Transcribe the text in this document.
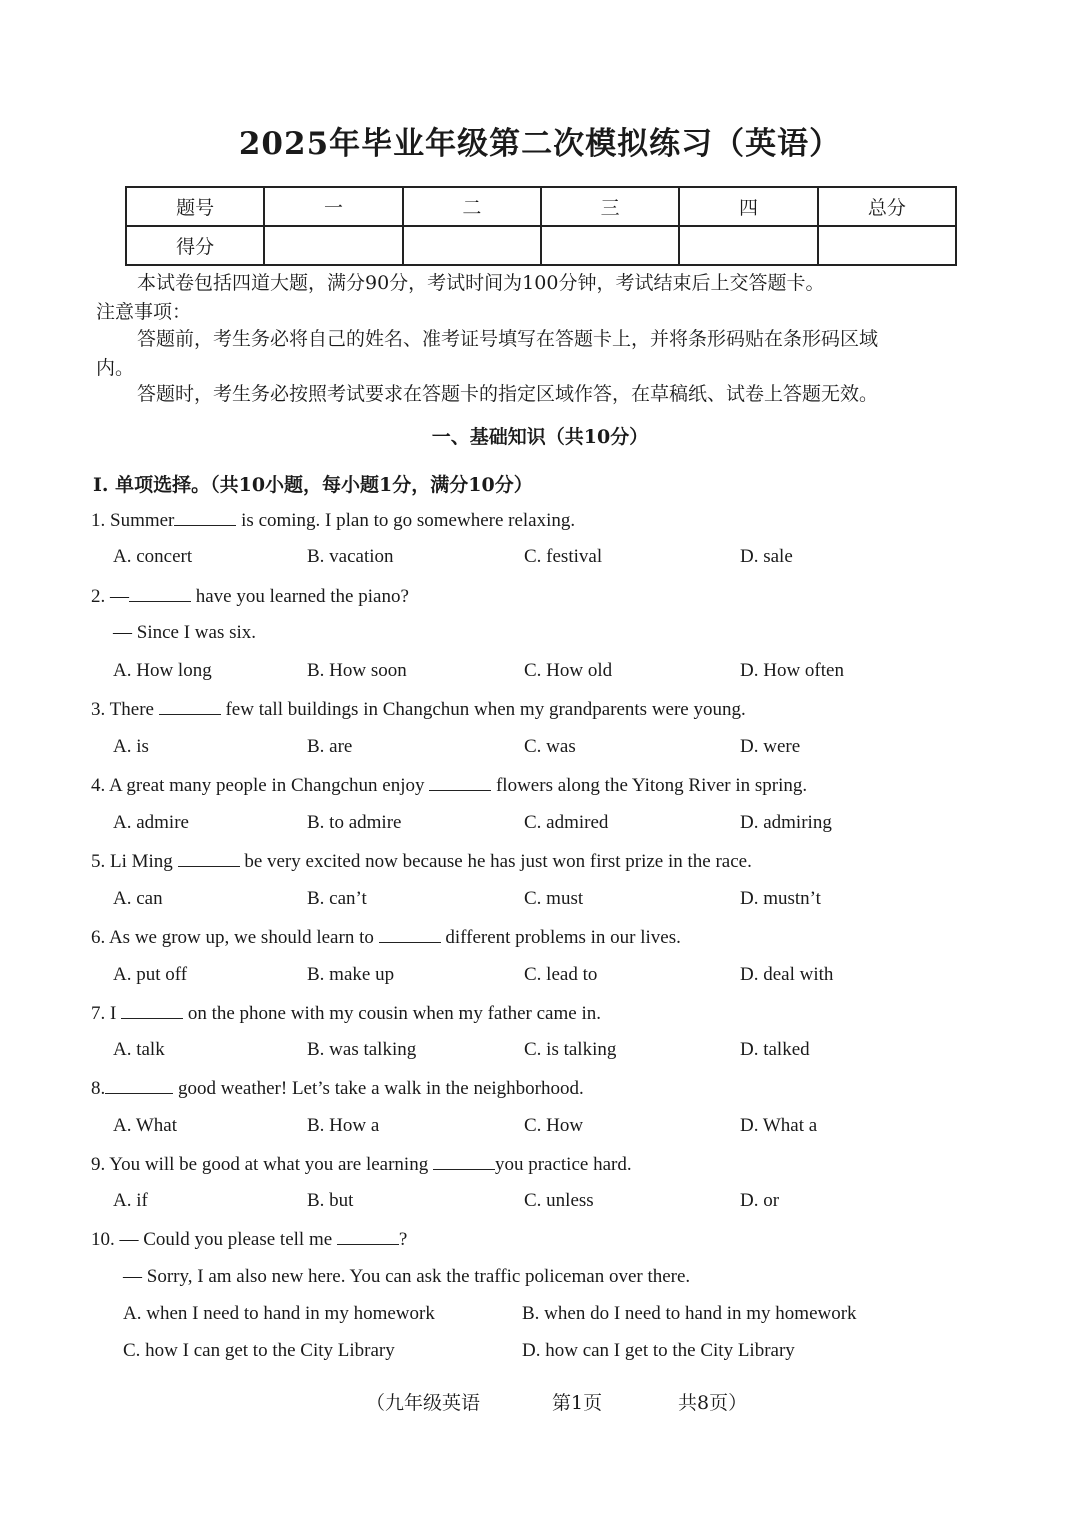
2025年毕业年级第二次模拟练习（英语）
题号	一	二	三	四	总分
得分					
本试卷包括四道大题，满分90分，考试时间为100分钟，考试结束后上交答题卡。
注意事项：
答题前，考生务必将自己的姓名、准考证号填写在答题卡上，并将条形码贴在条形码区域
内。
答题时，考生务必按照考试要求在答题卡的指定区域作答，在草稿纸、试卷上答题无效。
一、基础知识（共10分）
I. 单项选择。（共10小题，每小题1分，满分10分）
1. Summer	is coming. I plan to go somewhere relaxing.
A. concert	B. vacation	C. festival	D. sale
2. —	have you learned the piano?
— Since I was six.
A. How long	B. How soon	C. How old	D. How often
3. There	few tall buildings in Changchun when my grandparents were young.
A. is	B. are	C. was	D. were
4. A great many people in Changchun enjoy	flowers along the Yitong River in spring.
A. admire	B. to admire	C. admired	D. admiring
5. Li Ming	be very excited now because he has just won first prize in the race.
A. can	B. can’t	C. must	D. mustn’t
6. As we grow up, we should learn to	different problems in our lives.
A. put off	B. make up	C. lead to	D. deal with
7. I	on the phone with my cousin when my father came in.
A. talk	B. was talking	C. is talking	D. talked
8.	good weather! Let’s take a walk in the neighborhood.
A. What	B. How a	C. How	D. What a
9. You will be good at what you are learning	you practice hard.
A. if	B. but	C. unless	D. or
10. — Could you please tell me	?
— Sorry, I am also new here. You can ask the traffic policeman over there.
A. when I need to hand in my homework	B. when do I need to hand in my homework
C. how I can get to the City Library	D. how can I get to the City Library
（九年级英语	第1页	共8页）
